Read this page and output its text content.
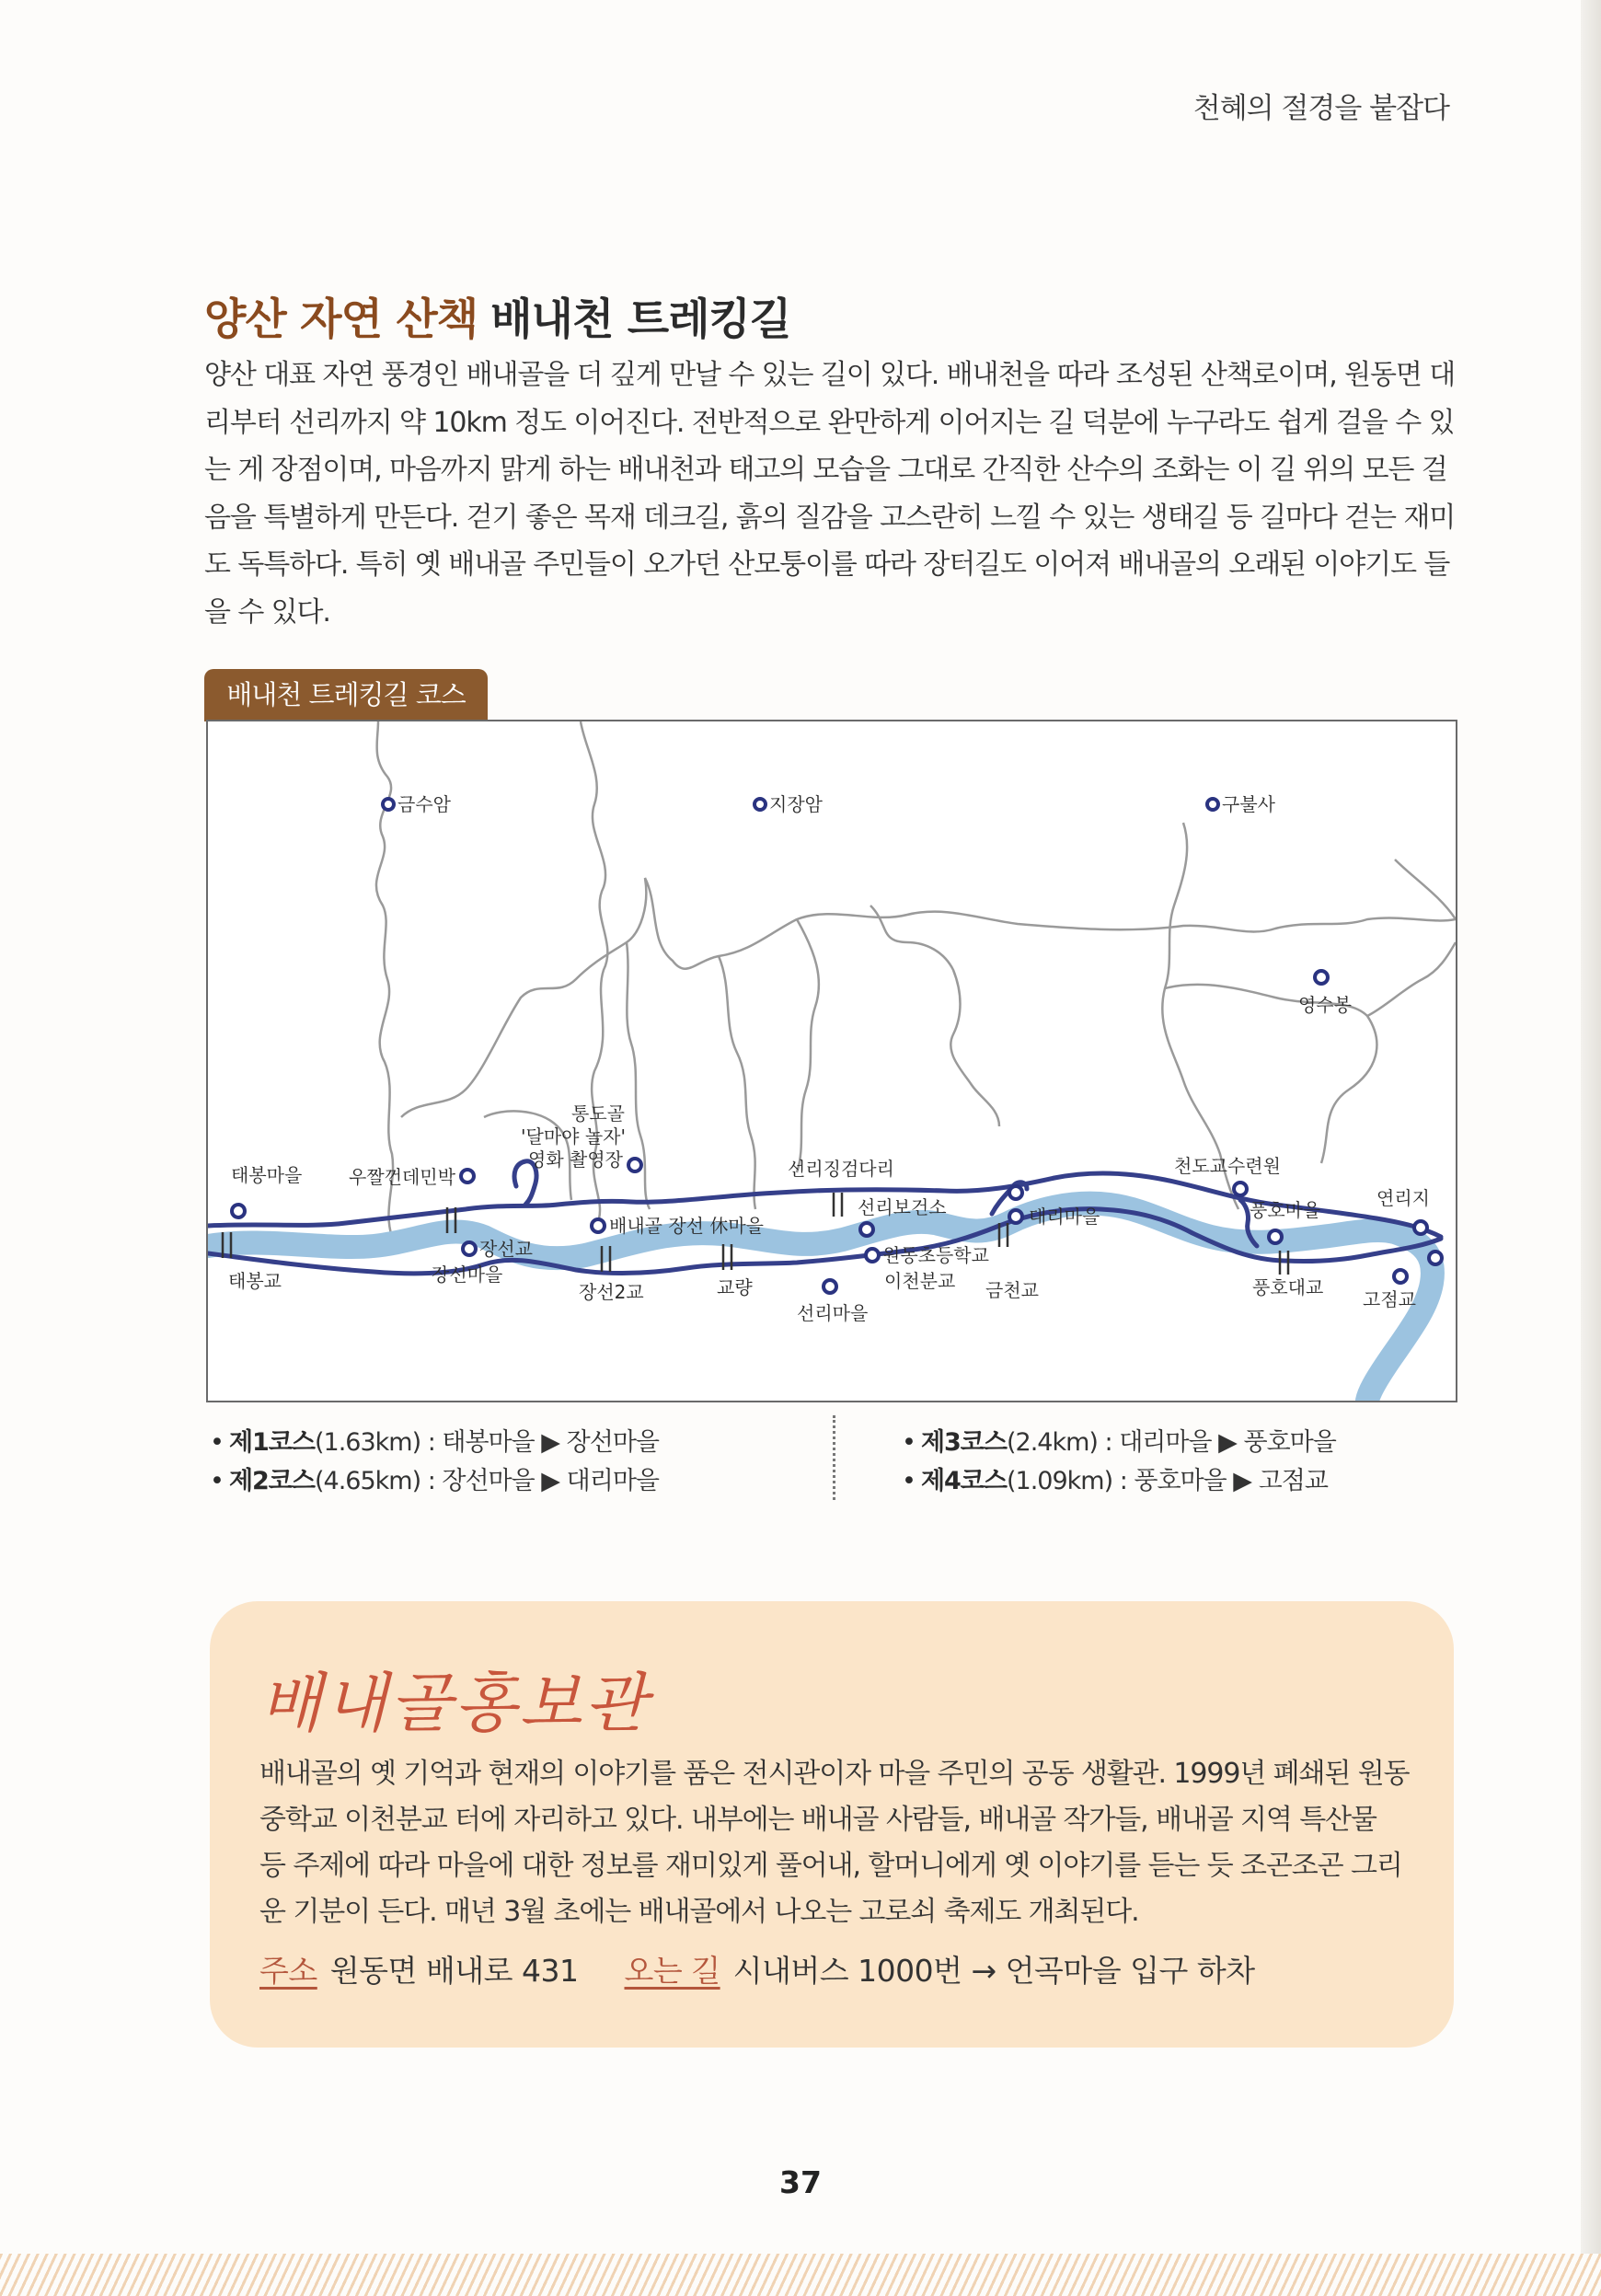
천혜의 절경을 붙잡다
양산 자연 산책 배내천 트레킹길
양산 대표 자연 풍경인 배내골을 더 깊게 만날 수 있는 길이 있다. 배내천을 따라 조성된 산책로이며, 원동면 대리부터 선리까지 약 10km 정도 이어진다. 전반적으로 완만하게 이어지는 길 덕분에 누구라도 쉽게 걸을 수 있는 게 장점이며, 마음까지 맑게 하는 배내천과 태고의 모습을 그대로 간직한 산수의 조화는 이 길 위의 모든 걸음을 특별하게 만든다. 걷기 좋은 목재 데크길, 흙의 질감을 고스란히 느낄 수 있는 생태길 등 길마다 걷는 재미도 독특하다. 특히 옛 배내골 주민들이 오가던 산모퉁이를 따라 장터길도 이어져 배내골의 오래된 이야기도 들을 수 있다.
배내천 트레킹길 코스
금수암	지장암	구불사
영수봉
태봉마을
태봉교
우짤껀데민박
장선교
장선마을
통도골
'달마야 놀자'
영화 촬영장
배내골 장선 休마을
장선2교	교량
선리징검다리
선리보건소
선리마을
원동초등학교
이천분교
대리마을
금천교
천도교수련원
풍호마을
풍호대교
연리지
고점교
• 제1코스(1.63km) : 태봉마을 ▶ 장선마을
• 제2코스(4.65km) : 장선마을 ▶ 대리마을
• 제3코스(2.4km) : 대리마을 ▶ 풍호마을
• 제4코스(1.09km) : 풍호마을 ▶ 고점교
배내골홍보관
배내골의 옛 기억과 현재의 이야기를 품은 전시관이자 마을 주민의 공동 생활관. 1999년 폐쇄된 원동중학교 이천분교 터에 자리하고 있다. 내부에는 배내골 사람들, 배내골 작가들, 배내골 지역 특산물 등 주제에 따라 마을에 대한 정보를 재미있게 풀어내, 할머니에게 옛 이야기를 듣는 듯 조곤조곤 그리운 기분이 든다. 매년 3월 초에는 배내골에서 나오는 고로쇠 축제도 개최된다.
주소 원동면 배내로 431 오는 길 시내버스 1000번 → 언곡마을 입구 하차
37
